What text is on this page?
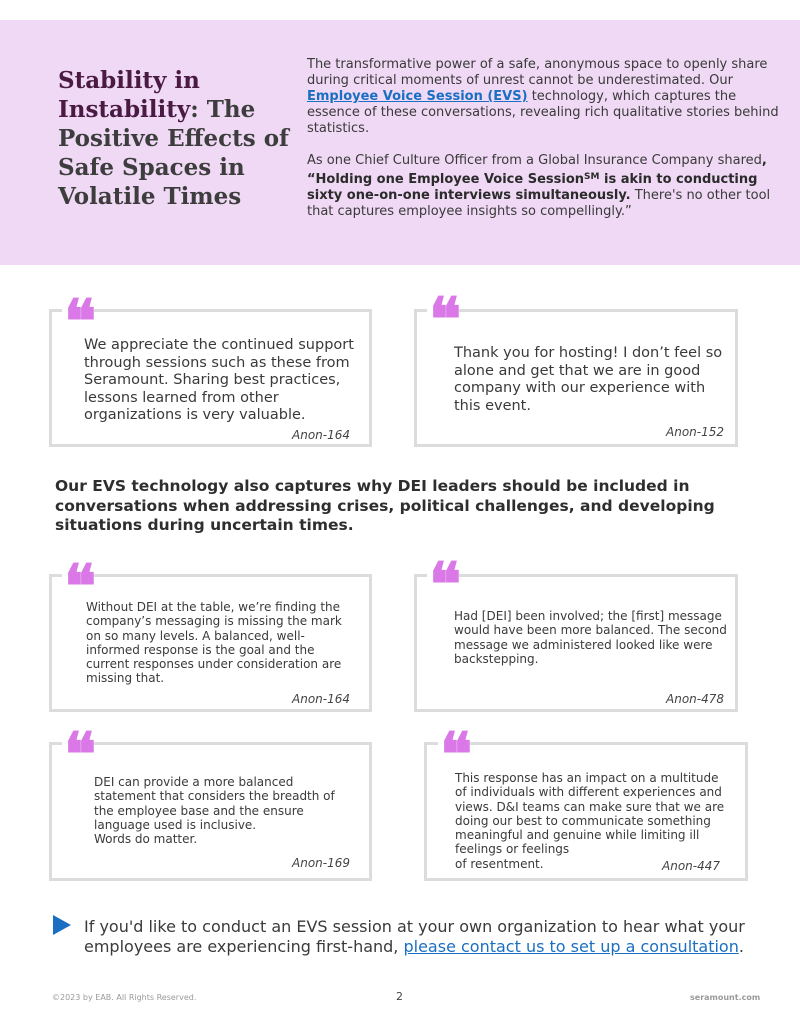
Stability in Instability: The Positive Effects of Safe Spaces in Volatile Times

The transformative power of a safe, anonymous space to openly share during critical moments of unrest cannot be underestimated. Our Employee Voice Session (EVS) technology, which captures the essence of these conversations, revealing rich qualitative stories behind statistics.

As one Chief Culture Officer from a Global Insurance Company shared, “Holding one Employee Voice Session℠ is akin to conducting sixty one-on-one interviews simultaneously. There's no other tool that captures employee insights so compellingly.”

❝
We appreciate the continued support through sessions such as these from Seramount. Sharing best practices, lessons learned from other organizations is very valuable.
Anon-164
❝ Thank you for hosting! I don’t feel so alone and get that we are in good company with our experience with this event.
Anon-152
Our EVS technology also captures why DEI leaders should be included in conversations when addressing crises, political challenges, and developing situations during uncertain times.
❝
Without DEI at the table, we’re finding the company’s messaging is missing the mark on so many levels. A balanced, well-informed response is the goal and the current responses under consideration are missing that.
Anon-164
❝ Had [DEI] been involved; the [first] message would have been more balanced. The second message we administered looked like were backstepping.
Anon-478
❝ DEI can provide a more balanced statement that considers the breadth of the employee base and the ensure language used is inclusive.
Words do matter.
Anon-169
❝
This response has an impact on a multitude of individuals with different experiences and views. D&I teams can make sure that we are doing our best to communicate something meaningful and genuine while limiting ill feelings or feelings
of resentment.	Anon-447
If you'd like to conduct an EVS session at your own organization to hear what your employees are experiencing first-hand, please contact us to set up a consultation.
©2023 by EAB. All Rights Reserved.	2	seramount.com
